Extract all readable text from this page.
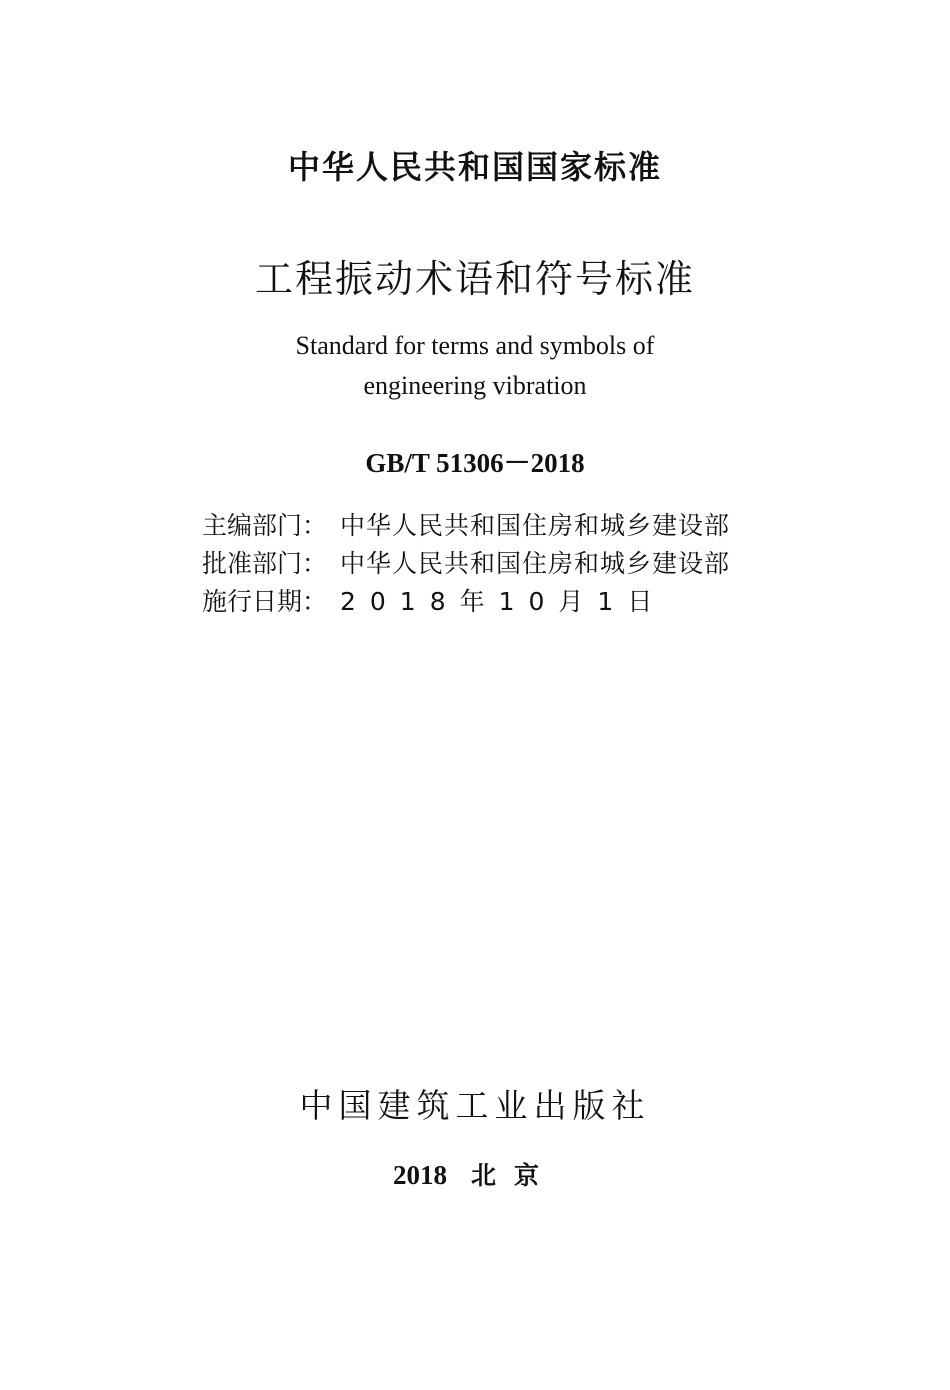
中华人民共和国国家标准
工程振动术语和符号标准
Standard for terms and symbols of
engineering vibration
GB/T 51306－2018
主编部门： 中华人民共和国住房和城乡建设部
批准部门： 中华人民共和国住房和城乡建设部
施行日期： 2018年10月1日
中国建筑工业出版社
2018 北京
